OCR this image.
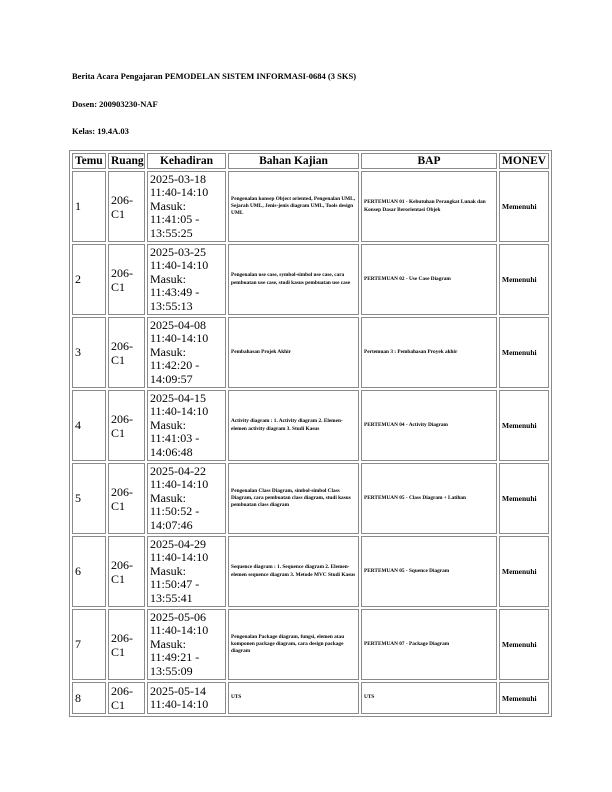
Berita Acara Pengajaran PEMODELAN SISTEM INFORMASI-0684 (3 SKS)
Dosen: 200903230-NAF
Kelas: 19.4A.03
Temu	Ruang	Kehadiran	Bahan Kajian	BAP	MONEV
1	206-C1	2025-03-18
11:40-14:10
Masuk:
11:41:05 - 13:55:25	Pengenalan konsep Object oriented, Pengenalan UML, Sejarah UML, Jenis-jenis diagram UML, Tools design UML	PERTEMUAN 01 - Kebutuhan Perangkat Lunak dan Konsep Dasar Berorientasi Objek	Memenuhi
2	206-C1	2025-03-25
11:40-14:10
Masuk:
11:43:49 - 13:55:13	Pengenalan use case, symbol-simbol use case, cara pembuatan use case, studi kasus pembuatan use case	PERTEMUAN 02 - Use Case Diagram	Memenuhi
3	206-C1	2025-04-08
11:40-14:10
Masuk:
11:42:20 - 14:09:57	Pembahasan Projek Akhir	Pertemuan 3 : Pembahasan Proyek akhir	Memenuhi
4	206-C1	2025-04-15
11:40-14:10
Masuk:
11:41:03 - 14:06:48	Activity diagram : 1. Activity diagram 2. Elemen-elemen activity diagram 3. Studi Kasus	PERTEMUAN 04 - Activity Diagram	Memenuhi
5	206-C1	2025-04-22
11:40-14:10
Masuk:
11:50:52 - 14:07:46	Pengenalan Class Diagram, simbol-simbol Class Diagram, cara pembuatan class diagram, studi kasus pembuatan class diagram	PERTEMUAN 05 - Class Diagram + Latihan	Memenuhi
6	206-C1	2025-04-29
11:40-14:10
Masuk:
11:50:47 - 13:55:41	Sequence diagram : 1. Sequence diagram 2. Elemen-elemen sequence diagram 3. Metode MVC Studi Kasus	PERTEMUAN 05 - Squence Diagram	Memenuhi
7	206-C1	2025-05-06
11:40-14:10
Masuk:
11:49:21 - 13:55:09	Pengenalan Package diagram, fungsi, elemen atau komponen package diagram, cara design package diagram	PERTEMUAN 07 - Package Diagram	Memenuhi
8	206-C1	2025-05-14
11:40-14:10	UTS	UTS	Memenuhi
